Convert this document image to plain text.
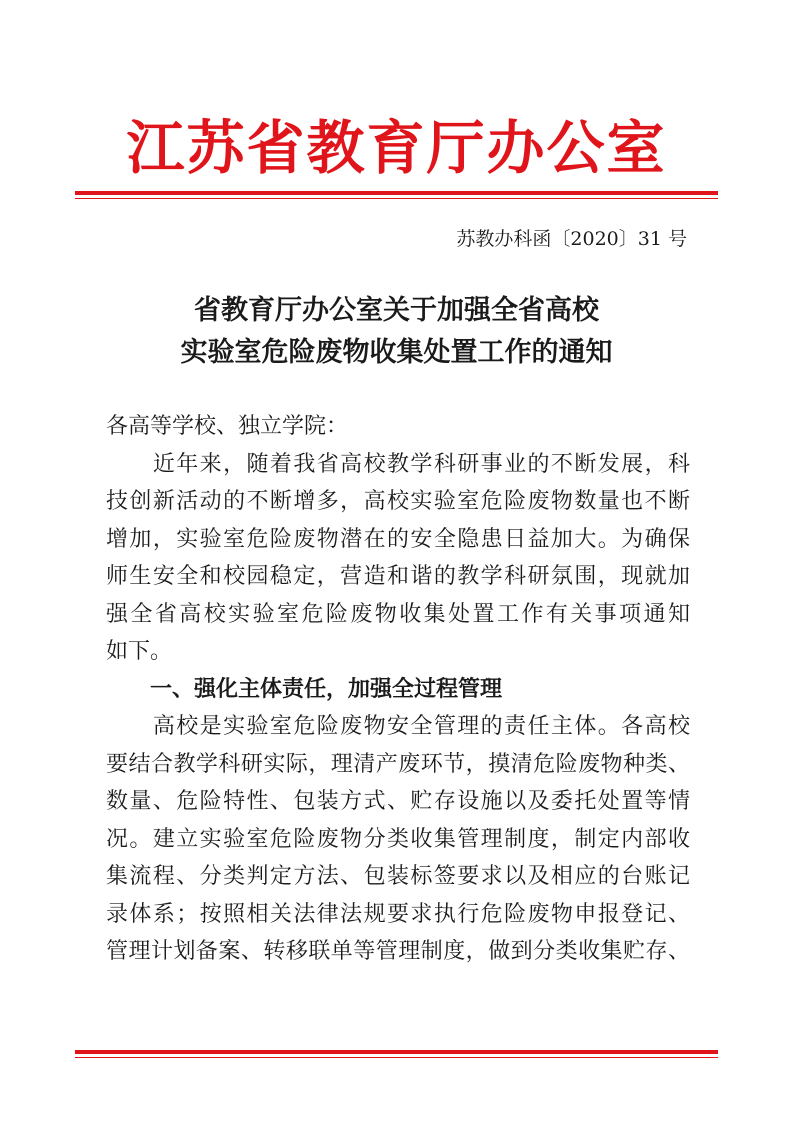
江苏省教育厅办公室
苏教办科函〔2020〕31 号
省教育厅办公室关于加强全省高校
实验室危险废物收集处置工作的通知
各高等学校、独立学院：
　　近年来，随着我省高校教学科研事业的不断发展，科
技创新活动的不断增多，高校实验室危险废物数量也不断
增加，实验室危险废物潜在的安全隐患日益加大。为确保
师生安全和校园稳定，营造和谐的教学科研氛围，现就加
强全省高校实验室危险废物收集处置工作有关事项通知
如下。
　　一、强化主体责任，加强全过程管理
　　高校是实验室危险废物安全管理的责任主体。各高校
要结合教学科研实际，理清产废环节，摸清危险废物种类、
数量、危险特性、包装方式、贮存设施以及委托处置等情
况。建立实验室危险废物分类收集管理制度，制定内部收
集流程、分类判定方法、包装标签要求以及相应的台账记
录体系；按照相关法律法规要求执行危险废物申报登记、
管理计划备案、转移联单等管理制度，做到分类收集贮存、
